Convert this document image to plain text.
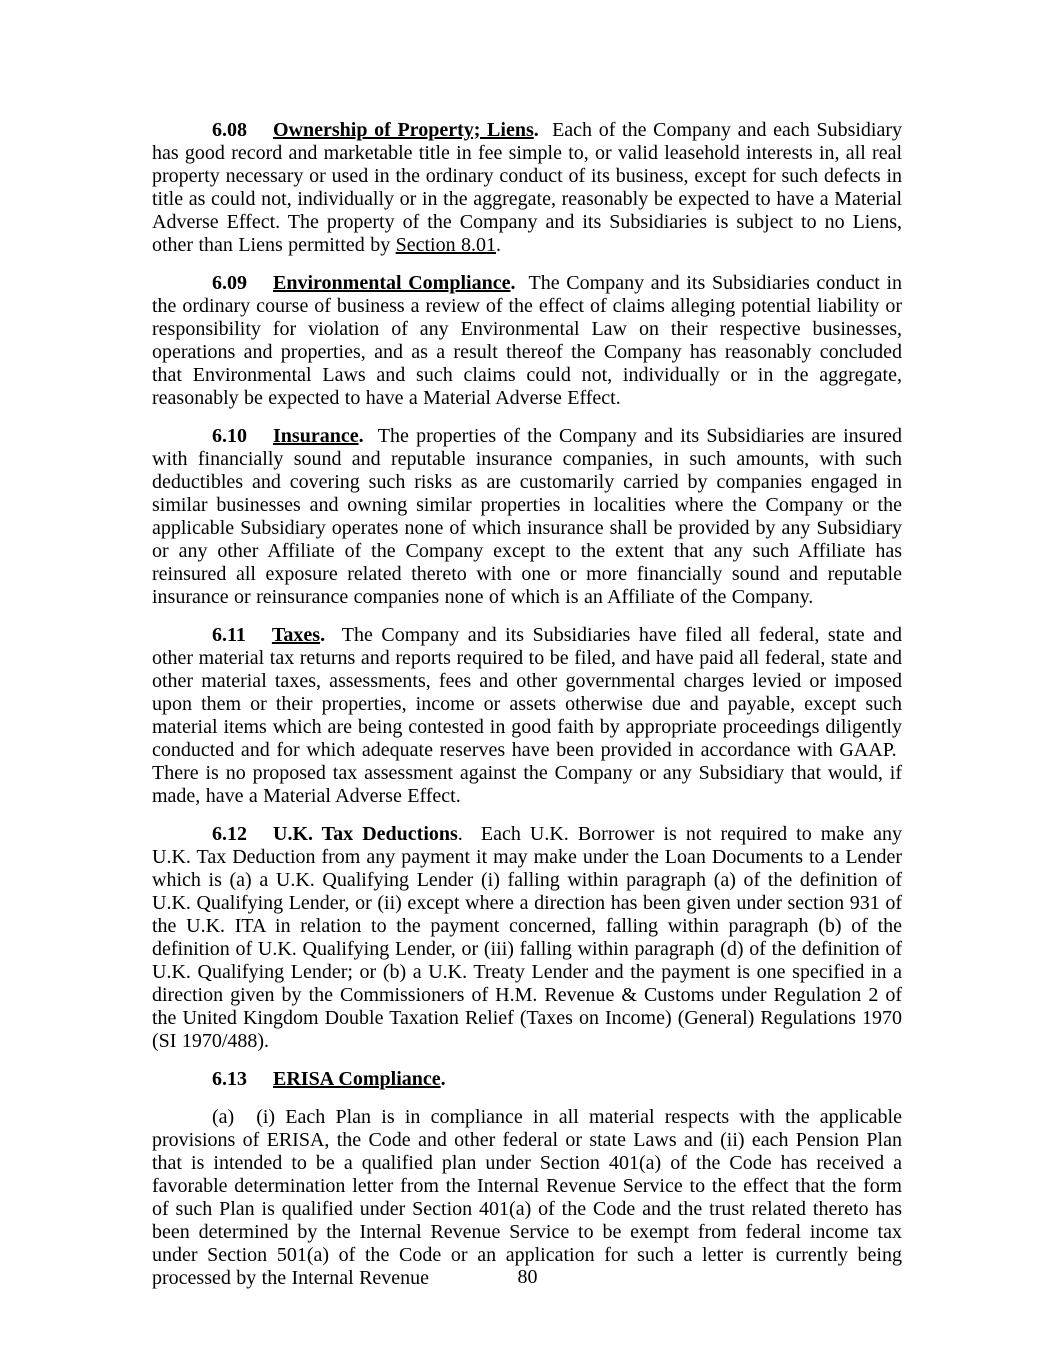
6.08 Ownership of Property; Liens.  Each of the Company and each Subsidiary has good record and marketable title in fee simple to, or valid leasehold interests in, all real property necessary or used in the ordinary conduct of its business, except for such defects in title as could not, individually or in the aggregate, reasonably be expected to have a Material Adverse Effect. The property of the Company and its Subsidiaries is subject to no Liens, other than Liens permitted by Section 8.01.

6.09 Environmental Compliance.  The Company and its Subsidiaries conduct in the ordinary course of business a review of the effect of claims alleging potential liability or responsibility for violation of any Environmental Law on their respective businesses, operations and properties, and as a result thereof the Company has reasonably concluded that Environmental Laws and such claims could not, individually or in the aggregate, reasonably be expected to have a Material Adverse Effect.

6.10 Insurance.  The properties of the Company and its Subsidiaries are insured with financially sound and reputable insurance companies, in such amounts, with such deductibles and covering such risks as are customarily carried by companies engaged in similar businesses and owning similar properties in localities where the Company or the applicable Subsidiary operates none of which insurance shall be provided by any Subsidiary or any other Affiliate of the Company except to the extent that any such Affiliate has reinsured all exposure related thereto with one or more financially sound and reputable insurance or reinsurance companies none of which is an Affiliate of the Company.

6.11 Taxes.  The Company and its Subsidiaries have filed all federal, state and other material tax returns and reports required to be filed, and have paid all federal, state and other material taxes, assessments, fees and other governmental charges levied or imposed upon them or their properties, income or assets otherwise due and payable, except such material items which are being contested in good faith by appropriate proceedings diligently conducted and for which adequate reserves have been provided in accordance with GAAP.  There is no proposed tax assessment against the Company or any Subsidiary that would, if made, have a Material Adverse Effect.

6.12 U.K. Tax Deductions.  Each U.K. Borrower is not required to make any U.K. Tax Deduction from any payment it may make under the Loan Documents to a Lender which is (a) a U.K. Qualifying Lender (i) falling within paragraph (a) of the definition of U.K. Qualifying Lender, or (ii) except where a direction has been given under section 931 of the U.K. ITA in relation to the payment concerned, falling within paragraph (b) of the definition of U.K. Qualifying Lender, or (iii) falling within paragraph (d) of the definition of U.K. Qualifying Lender; or (b) a U.K. Treaty Lender and the payment is one specified in a direction given by the Commissioners of H.M. Revenue & Customs under Regulation 2 of the United Kingdom Double Taxation Relief (Taxes on Income) (General) Regulations 1970 (SI 1970/488).

6.13 ERISA Compliance.

(a) (i) Each Plan is in compliance in all material respects with the applicable provisions of ERISA, the Code and other federal or state Laws and (ii) each Pension Plan that is intended to be a qualified plan under Section 401(a) of the Code has received a favorable determination letter from the Internal Revenue Service to the effect that the form of such Plan is qualified under Section 401(a) of the Code and the trust related thereto has been determined by the Internal Revenue Service to be exempt from federal income tax under Section 501(a) of the Code or an application for such a letter is currently being processed by the Internal Revenue	80
